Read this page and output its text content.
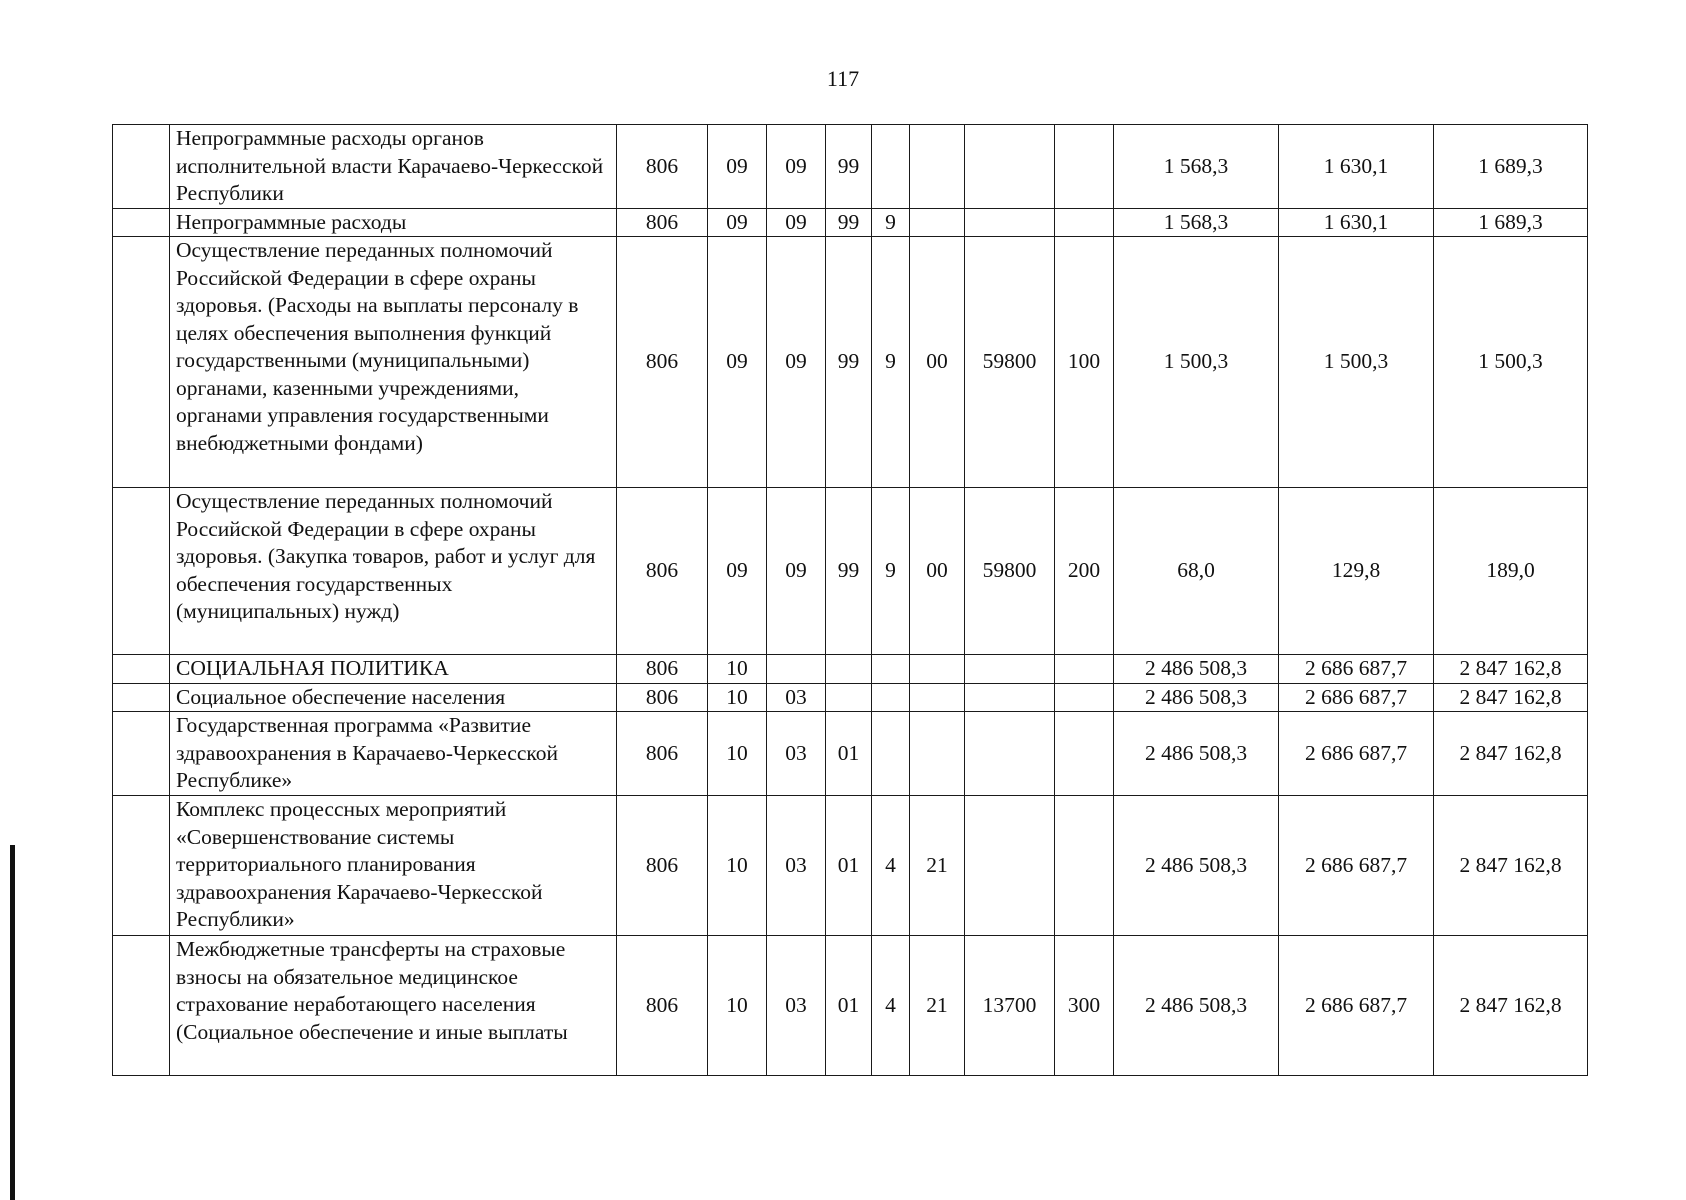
117
	Непрограммные расходы органов исполнительной власти Карачаево-Черкесской Республики	806	09	09	99					1 568,3	1 630,1	1 689,3
	Непрограммные расходы	806	09	09	99	9				1 568,3	1 630,1	1 689,3
	Осуществление переданных полномочий Российской Федерации в сфере охраны здоровья. (Расходы на выплаты персоналу в целях обеспечения выполнения функций государственными (муниципальными) органами, казенными учреждениями, органами управления государственными внебюджетными фондами)	806	09	09	99	9	00	59800	100	1 500,3	1 500,3	1 500,3
	Осуществление переданных полномочий Российской Федерации в сфере охраны здоровья. (Закупка товаров, работ и услуг для обеспечения государственных (муниципальных) нужд)	806	09	09	99	9	00	59800	200	68,0	129,8	189,0
	СОЦИАЛЬНАЯ ПОЛИТИКА	806	10							2 486 508,3	2 686 687,7	2 847 162,8
	Социальное обеспечение населения	806	10	03						2 486 508,3	2 686 687,7	2 847 162,8
	Государственная программа «Развитие здравоохранения в Карачаево-Черкесской Республике»	806	10	03	01					2 486 508,3	2 686 687,7	2 847 162,8
	Комплекс процессных мероприятий «Совершенствование системы территориального планирования здравоохранения Карачаево-Черкесской Республики»	806	10	03	01	4	21			2 486 508,3	2 686 687,7	2 847 162,8
	Межбюджетные трансферты на страховые взносы на обязательное медицинское страхование неработающего населения (Социальное обеспечение и иные выплаты	806	10	03	01	4	21	13700	300	2 486 508,3	2 686 687,7	2 847 162,8
